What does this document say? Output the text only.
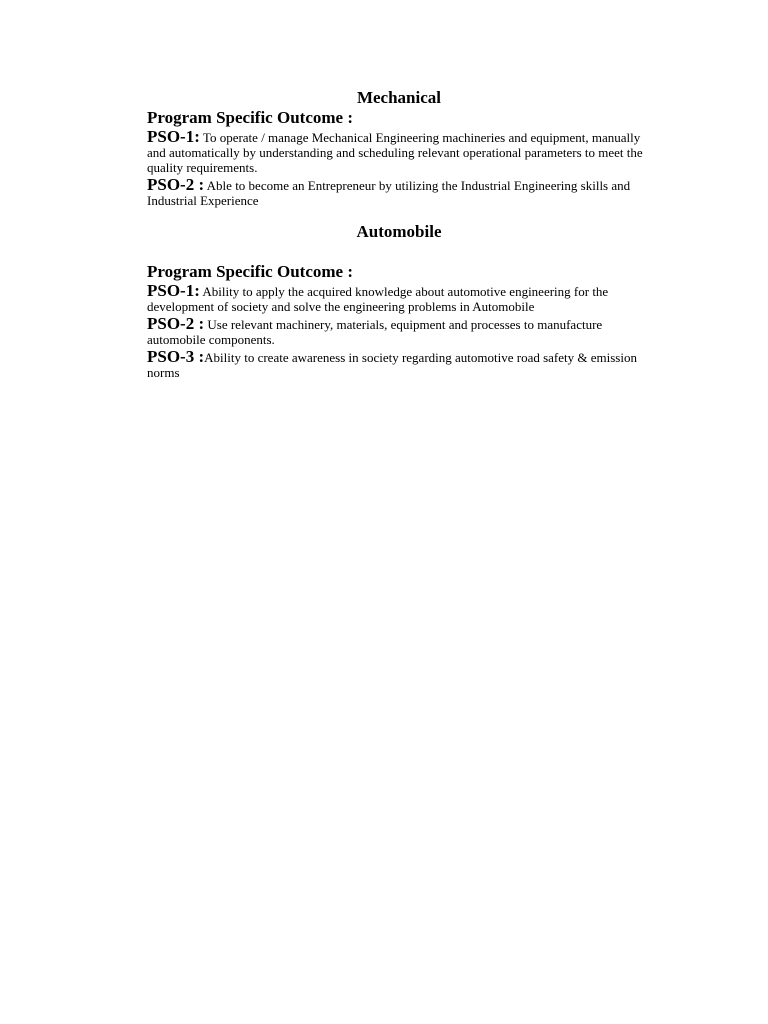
Mechanical
Program Specific Outcome :

PSO-1: To operate / manage Mechanical Engineering machineries and equipment, manually and automatically by understanding and scheduling relevant operational parameters to meet the quality requirements.

PSO-2 : Able to become an Entrepreneur by utilizing the Industrial Engineering skills and Industrial Experience

Automobile
Program Specific Outcome :

PSO-1: Ability to apply the acquired knowledge about automotive engineering for the development of society and solve the engineering problems in Automobile

PSO-2 : Use relevant machinery, materials, equipment and processes to manufacture automobile components.

PSO-3 :Ability to create awareness in society regarding automotive road safety & emission norms
